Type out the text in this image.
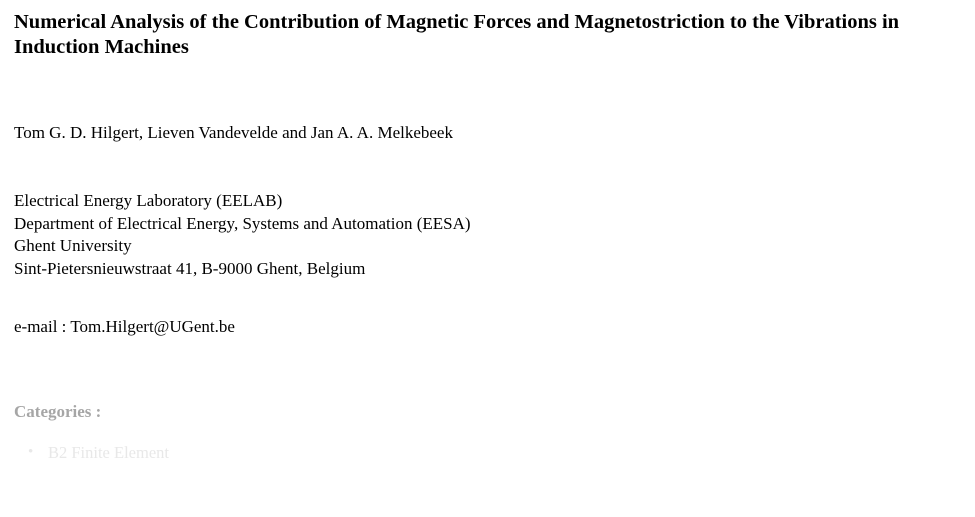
Numerical Analysis of the Contribution of Magnetic Forces and Magnetostriction to the Vibrations in Induction Machines
Tom G. D. Hilgert, Lieven Vandevelde and Jan A. A. Melkebeek
Electrical Energy Laboratory (EELAB)
Department of Electrical Energy, Systems and Automation (EESA)
Ghent University
Sint-Pietersnieuwstraat 41, B-9000 Ghent, Belgium
e-mail : Tom.Hilgert@UGent.be
Categories :
• B2 Finite Element
